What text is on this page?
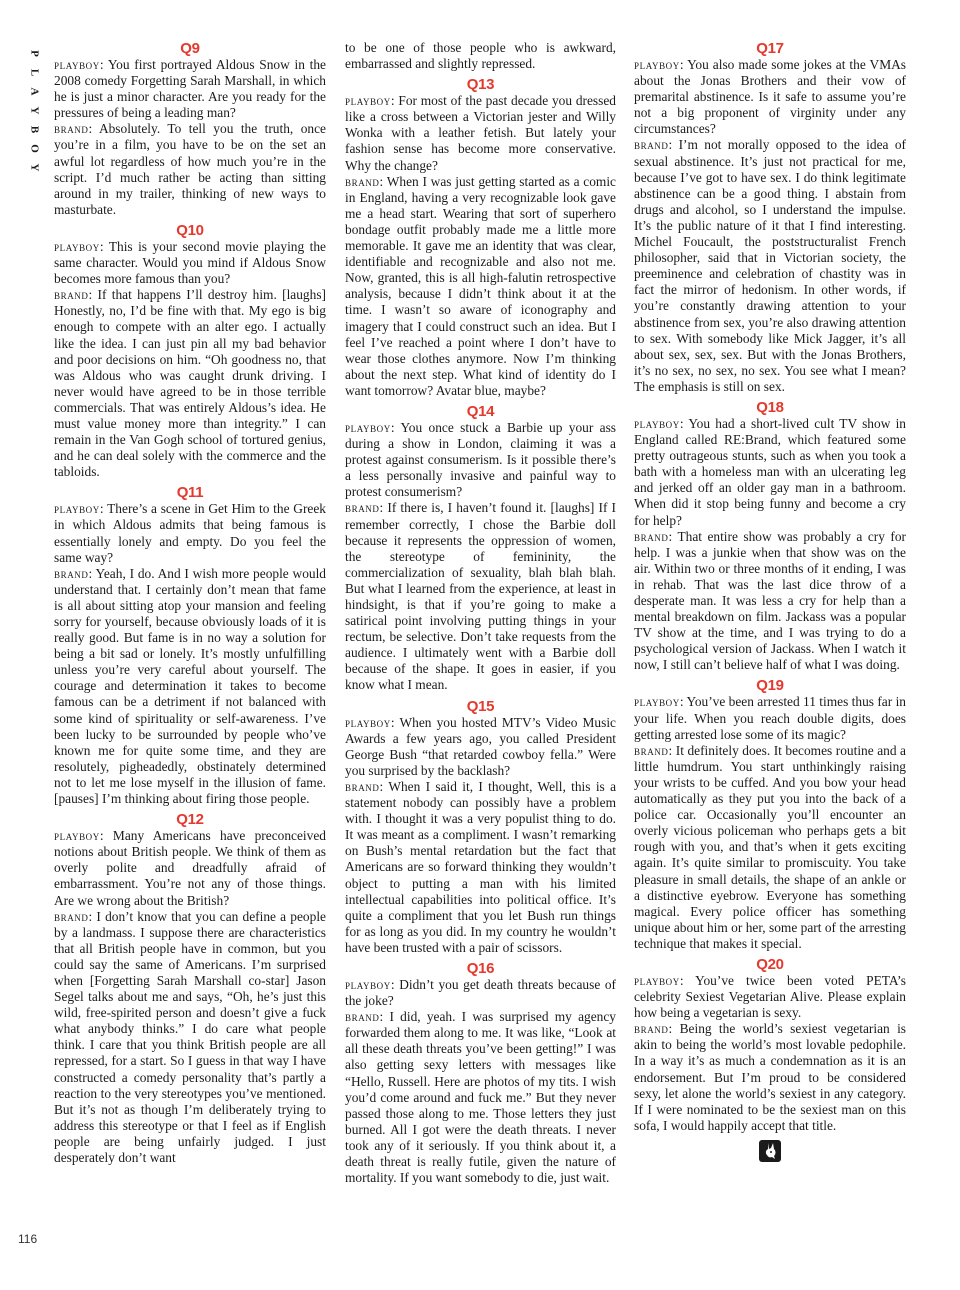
P
L
A
Y
B
O
Y
Q9

playboy: You first portrayed Aldous Snow in the 2008 comedy Forgetting Sarah Marshall, in which he is just a minor character. Are you ready for the pressures of being a leading man?

brand: Absolutely. To tell you the truth, once you’re in a film, you have to be on the set an awful lot regardless of how much you’re in the script. I’d much rather be acting than sitting around in my trailer, thinking of new ways to masturbate.

Q10

playboy: This is your second movie playing the same character. Would you mind if Aldous Snow becomes more famous than you?

brand: If that happens I’ll destroy him. [laughs] Honestly, no, I’d be fine with that. My ego is big enough to compete with an alter ego. I actually like the idea. I can just pin all my bad behavior and poor decisions on him. “Oh goodness no, that was Aldous who was caught drunk driving. I never would have agreed to be in those terrible commercials. That was entirely Aldous’s idea. He must value money more than integrity.” I can remain in the Van Gogh school of tortured genius, and he can deal solely with the commerce and the tabloids.

Q11

playboy: There’s a scene in Get Him to the Greek in which Aldous admits that being famous is essentially lonely and empty. Do you feel the same way?

brand: Yeah, I do. And I wish more people would understand that. I certainly don’t mean that fame is all about sitting atop your mansion and feeling sorry for yourself, because obviously loads of it is really good. But fame is in no way a solution for being a bit sad or lonely. It’s mostly unfulfilling unless you’re very careful about yourself. The courage and determination it takes to become famous can be a detriment if not balanced with some kind of spirituality or self-awareness. I’ve been lucky to be surrounded by people who’ve known me for quite some time, and they are resolutely, pigheadedly, obstinately determined not to let me lose myself in the illusion of fame. [pauses] I’m thinking about firing those people.

Q12

playboy: Many Americans have preconceived notions about British people. We think of them as overly polite and dreadfully afraid of embarrassment. You’re not any of those things. Are we wrong about the British?

brand: I don’t know that you can define a people by a landmass. I suppose there are characteristics that all British people have in common, but you could say the same of Americans. I’m surprised when [Forgetting Sarah Marshall co-star] Jason Segel talks about me and says, “Oh, he’s just this wild, free-spirited person and doesn’t give a fuck what anybody thinks.” I do care what people think. I care that you think British people are all repressed, for a start. So I guess in that way I have constructed a comedy personality that’s partly a reaction to the very stereotypes you’ve mentioned. But it’s not as though I’m deliberately trying to address this stereotype or that I feel as if English people are being unfairly judged. I just desperately don’t want

to be one of those people who is awkward, embarrassed and slightly repressed.

Q13

playboy: For most of the past decade you dressed like a cross between a Victorian jester and Willy Wonka with a leather fetish. But lately your fashion sense has become more conservative. Why the change?

brand: When I was just getting started as a comic in England, having a very recognizable look gave me a head start. Wearing that sort of superhero bondage outfit probably made me a little more memorable. It gave me an identity that was clear, identifiable and recognizable and also not me. Now, granted, this is all high-falutin retrospective analysis, because I didn’t think about it at the time. I wasn’t so aware of iconography and imagery that I could construct such an idea. But I feel I’ve reached a point where I don’t have to wear those clothes anymore. Now I’m thinking about the next step. What kind of identity do I want tomorrow? Avatar blue, maybe?

Q14

playboy: You once stuck a Barbie up your ass during a show in London, claiming it was a protest against consumerism. Is it possible there’s a less personally invasive and painful way to protest consumerism?

brand: If there is, I haven’t found it. [laughs] If I remember correctly, I chose the Barbie doll because it represents the oppression of women, the stereotype of femininity, the commercialization of sexuality, blah blah blah. But what I learned from the experience, at least in hindsight, is that if you’re going to make a satirical point involving putting things in your rectum, be selective. Don’t take requests from the audience. I ultimately went with a Barbie doll because of the shape. It goes in easier, if you know what I mean.

Q15

playboy: When you hosted MTV’s Video Music Awards a few years ago, you called President George Bush “that retarded cowboy fella.” Were you surprised by the backlash?

brand: When I said it, I thought, Well, this is a statement nobody can possibly have a problem with. I thought it was a very populist thing to do. It was meant as a compliment. I wasn’t remarking on Bush’s mental retardation but the fact that Americans are so forward thinking they wouldn’t object to putting a man with his limited intellectual capabilities into political office. It’s quite a compliment that you let Bush run things for as long as you did. In my country he wouldn’t have been trusted with a pair of scissors.

Q16

playboy: Didn’t you get death threats because of the joke?

brand: I did, yeah. I was surprised my agency forwarded them along to me. It was like, “Look at all these death threats you’ve been getting!” I was also getting sexy letters with messages like “Hello, Russell. Here are photos of my tits. I wish you’d come around and fuck me.” But they never passed those along to me. Those letters they just burned. All I got were the death threats. I never took any of it seriously. If you think about it, a death threat is really futile, given the nature of mortality. If you want somebody to die, just wait.

Q17

playboy: You also made some jokes at the VMAs about the Jonas Brothers and their vow of premarital abstinence. Is it safe to assume you’re not a big proponent of virginity under any circumstances?

brand: I’m not morally opposed to the idea of sexual abstinence. It’s just not practical for me, because I’ve got to have sex. I do think legitimate abstinence can be a good thing. I abstain from drugs and alcohol, so I understand the impulse. It’s the public nature of it that I find interesting. Michel Foucault, the poststructuralist French philosopher, said that in Victorian society, the preeminence and celebration of chastity was in fact the mirror of hedonism. In other words, if you’re constantly drawing attention to your abstinence from sex, you’re also drawing attention to sex. With somebody like Mick Jagger, it’s all about sex, sex, sex. But with the Jonas Brothers, it’s no sex, no sex, no sex. You see what I mean? The emphasis is still on sex.

Q18

playboy: You had a short-lived cult TV show in England called RE:Brand, which featured some pretty outrageous stunts, such as when you took a bath with a homeless man with an ulcerating leg and jerked off an older gay man in a bathroom. When did it stop being funny and become a cry for help?

brand: That entire show was probably a cry for help. I was a junkie when that show was on the air. Within two or three months of it ending, I was in rehab. That was the last dice throw of a desperate man. It was less a cry for help than a mental breakdown on film. Jackass was a popular TV show at the time, and I was trying to do a psychological version of Jackass. When I watch it now, I still can’t believe half of what I was doing.

Q19

playboy: You’ve been arrested 11 times thus far in your life. When you reach double digits, does getting arrested lose some of its magic?

brand: It definitely does. It becomes routine and a little humdrum. You start unthinkingly raising your wrists to be cuffed. And you bow your head automatically as they put you into the back of a police car. Occasionally you’ll encounter an overly vicious policeman who perhaps gets a bit rough with you, and that’s when it gets exciting again. It’s quite similar to promiscuity. You take pleasure in small details, the shape of an ankle or a distinctive eyebrow. Everyone has something magical. Every police officer has something unique about him or her, some part of the arresting technique that makes it special.

Q20

playboy: You’ve twice been voted PETA’s celebrity Sexiest Vegetarian Alive. Please explain how being a vegetarian is sexy.

brand: Being the world’s sexiest vegetarian is akin to being the world’s most lovable pedophile. In a way it’s as much a condemnation as it is an endorsement. But I’m proud to be considered sexy, let alone the world’s sexiest in any category. If I were nominated to be the sexiest man on this sofa, I would happily accept that title.

116
